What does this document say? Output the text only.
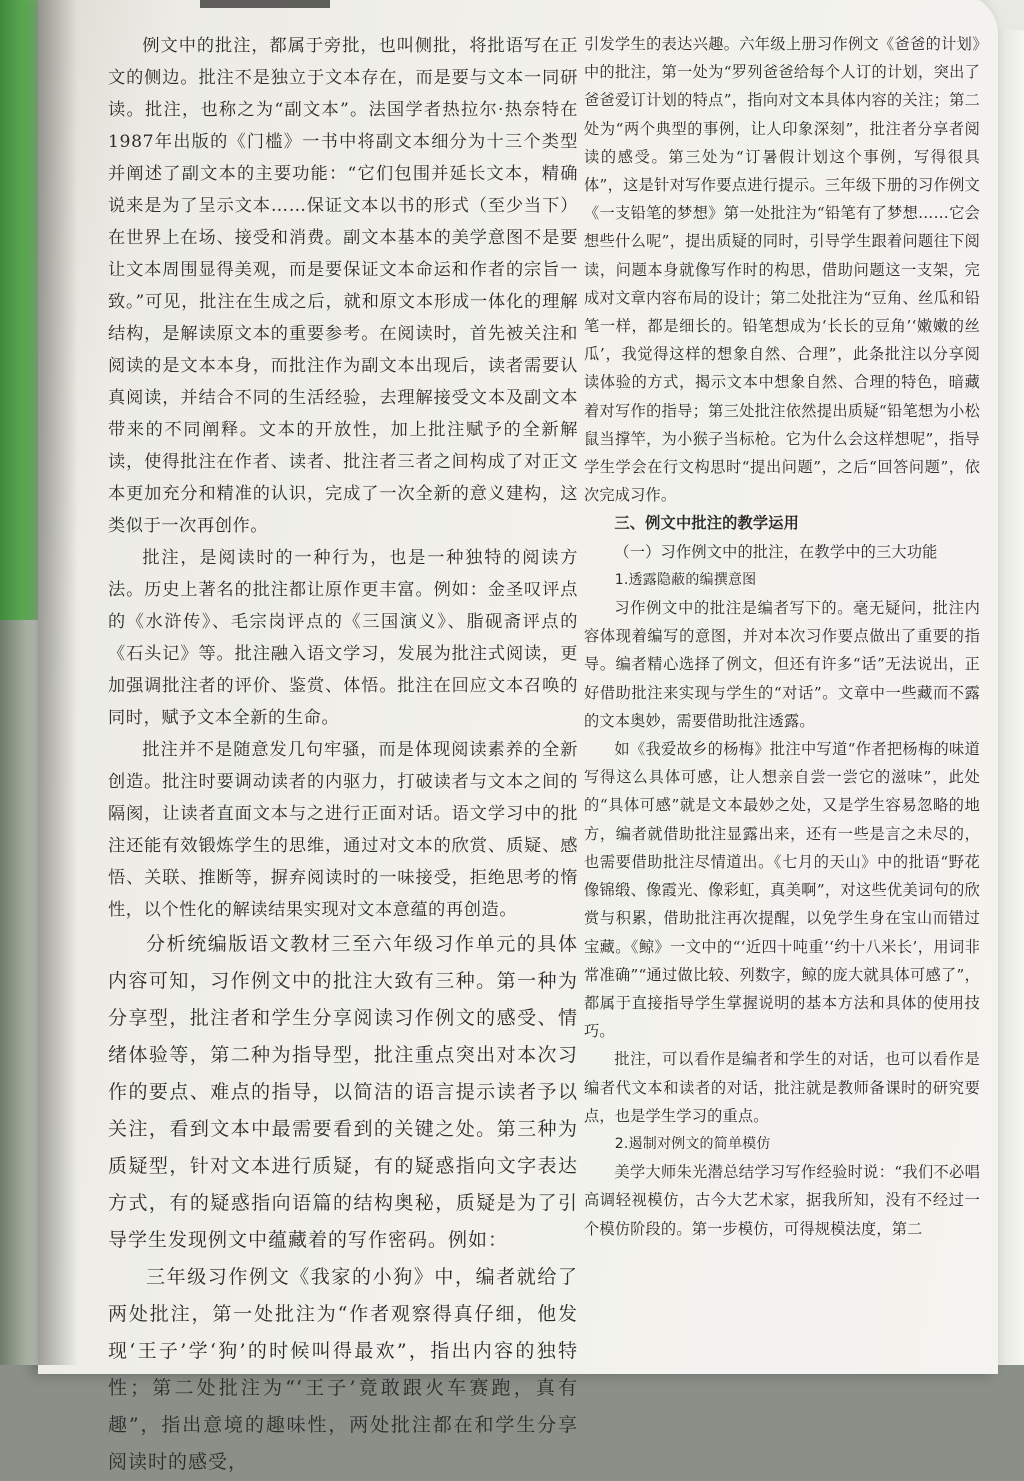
例文中的批注，都属于旁批，也叫侧批，将批语写在正文的侧边。批注不是独立于文本存在，而是要与文本一同研读。批注，也称之为“副文本”。法国学者热拉尔·热奈特在1987年出版的《门槛》一书中将副文本细分为十三个类型并阐述了副文本的主要功能：“它们包围并延长文本，精确说来是为了呈示文本……保证文本以书的形式（至少当下）在世界上在场、接受和消费。副文本基本的美学意图不是要让文本周围显得美观，而是要保证文本命运和作者的宗旨一致。”可见，批注在生成之后，就和原文本形成一体化的理解结构，是解读原文本的重要参考。在阅读时，首先被关注和阅读的是文本本身，而批注作为副文本出现后，读者需要认真阅读，并结合不同的生活经验，去理解接受文本及副文本带来的不同阐释。文本的开放性，加上批注赋予的全新解读，使得批注在作者、读者、批注者三者之间构成了对正文本更加充分和精准的认识，完成了一次全新的意义建构，这类似于一次再创作。

批注，是阅读时的一种行为，也是一种独特的阅读方法。历史上著名的批注都让原作更丰富。例如：金圣叹评点的《水浒传》、毛宗岗评点的《三国演义》、脂砚斋评点的《石头记》等。批注融入语文学习，发展为批注式阅读，更加强调批注者的评价、鉴赏、体悟。批注在回应文本召唤的同时，赋予文本全新的生命。

批注并不是随意发几句牢骚，而是体现阅读素养的全新创造。批注时要调动读者的内驱力，打破读者与文本之间的隔阂，让读者直面文本与之进行正面对话。语文学习中的批注还能有效锻炼学生的思维，通过对文本的欣赏、质疑、感悟、关联、推断等，摒弃阅读时的一味接受，拒绝思考的惰性，以个性化的解读结果实现对文本意蕴的再创造。

分析统编版语文教材三至六年级习作单元的具体内容可知，习作例文中的批注大致有三种。第一种为分享型，批注者和学生分享阅读习作例文的感受、情绪体验等，第二种为指导型，批注重点突出对本次习作的要点、难点的指导，以简洁的语言提示读者予以关注，看到文本中最需要看到的关键之处。第三种为质疑型，针对文本进行质疑，有的疑惑指向文字表达方式，有的疑惑指向语篇的结构奥秘，质疑是为了引导学生发现例文中蕴藏着的写作密码。例如：

三年级习作例文《我家的小狗》中，编者就给了两处批注，第一处批注为“作者观察得真仔细，他发现‘王子’学‘狗’的时候叫得最欢”，指出内容的独特性；第二处批注为“‘王子’竟敢跟火车赛跑，真有趣”，指出意境的趣味性，两处批注都在和学生分享阅读时的感受，

引发学生的表达兴趣。六年级上册习作例文《爸爸的计划》中的批注，第一处为“罗列爸爸给每个人订的计划，突出了爸爸爱订计划的特点”，指向对文本具体内容的关注；第二处为“两个典型的事例，让人印象深刻”，批注者分享者阅读的感受。第三处为“订暑假计划这个事例，写得很具体”，这是针对写作要点进行提示。三年级下册的习作例文《一支铅笔的梦想》第一处批注为“铅笔有了梦想……它会想些什么呢”，提出质疑的同时，引导学生跟着问题往下阅读，问题本身就像写作时的构思，借助问题这一支架，完成对文章内容布局的设计；第二处批注为“豆角、丝瓜和铅笔一样，都是细长的。铅笔想成为‘长长的豆角’‘嫩嫩的丝瓜’，我觉得这样的想象自然、合理”，此条批注以分享阅读体验的方式，揭示文本中想象自然、合理的特色，暗藏着对写作的指导；第三处批注依然提出质疑“铅笔想为小松鼠当撑竿，为小猴子当标枪。它为什么会这样想呢”，指导学生学会在行文构思时“提出问题”，之后“回答问题”，依次完成习作。

三、例文中批注的教学运用
（一）习作例文中的批注，在教学中的三大功能
1.透露隐蔽的编撰意图

习作例文中的批注是编者写下的。毫无疑问，批注内容体现着编写的意图，并对本次习作要点做出了重要的指导。编者精心选择了例文，但还有许多“话”无法说出，正好借助批注来实现与学生的“对话”。文章中一些藏而不露的文本奥妙，需要借助批注透露。

如《我爱故乡的杨梅》批注中写道“作者把杨梅的味道写得这么具体可感，让人想亲自尝一尝它的滋味”，此处的“具体可感”就是文本最妙之处，又是学生容易忽略的地方，编者就借助批注显露出来，还有一些是言之未尽的，也需要借助批注尽情道出。《七月的天山》中的批语“野花像锦缎、像霞光、像彩虹，真美啊”，对这些优美词句的欣赏与积累，借助批注再次提醒，以免学生身在宝山而错过宝藏。《鲸》一文中的“‘近四十吨重’‘约十八米长’，用词非常准确”“通过做比较、列数字，鲸的庞大就具体可感了”，都属于直接指导学生掌握说明的基本方法和具体的使用技巧。

批注，可以看作是编者和学生的对话，也可以看作是编者代文本和读者的对话，批注就是教师备课时的研究要点，也是学生学习的重点。

2.遏制对例文的简单模仿

美学大师朱光潜总结学习写作经验时说：“我们不必唱高调轻视模仿，古今大艺术家，据我所知，没有不经过一个模仿阶段的。第一步模仿，可得规模法度，第二
